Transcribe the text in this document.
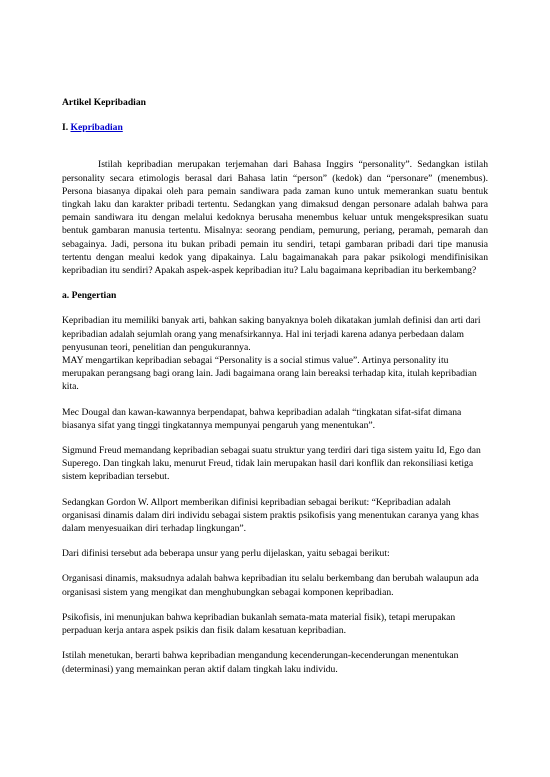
Artikel Kepribadian

I. Kepribadian

Istilah kepribadian merupakan terjemahan dari Bahasa Inggirs “personality”. Sedangkan istilah personality secara etimologis berasal dari Bahasa latin “person” (kedok) dan “personare” (menembus). Persona biasanya dipakai oleh para pemain sandiwara pada zaman kuno untuk memerankan suatu bentuk tingkah laku dan karakter pribadi tertentu. Sedangkan yang dimaksud dengan personare adalah bahwa para pemain sandiwara itu dengan melalui kedoknya berusaha menembus keluar untuk mengekspresikan suatu bentuk gambaran manusia tertentu. Misalnya: seorang pendiam, pemurung, periang, peramah, pemarah dan sebagainya. Jadi, persona itu bukan pribadi pemain itu sendiri, tetapi gambaran pribadi dari tipe manusia tertentu dengan mealui kedok yang dipakainya. Lalu bagaimanakah para pakar psikologi mendifinisikan kepribadian itu sendiri? Apakah aspek-aspek kepribadian itu? Lalu bagaimana kepribadian itu berkembang?

a. Pengertian

Kepribadian itu memiliki banyak arti, bahkan saking banyaknya boleh dikatakan jumlah definisi dan arti dari kepribadian adalah sejumlah orang yang menafsirkannya. Hal ini terjadi karena adanya perbedaan dalam penyusunan teori, penelitian dan pengukurannya.

MAY mengartikan kepribadian sebagai “Personality is a social stimus value”. Artinya personality itu merupakan perangsang bagi orang lain. Jadi bagaimana orang lain bereaksi terhadap kita, itulah kepribadian kita.

Mec Dougal dan kawan-kawannya berpendapat, bahwa kepribadian adalah “tingkatan sifat-sifat dimana biasanya sifat yang tinggi tingkatannya mempunyai pengaruh yang menentukan”.

Sigmund Freud memandang kepribadian sebagai suatu struktur yang terdiri dari tiga sistem yaitu Id, Ego dan Superego. Dan tingkah laku, menurut Freud, tidak lain merupakan hasil dari konflik dan rekonsiliasi ketiga sistem kepribadian tersebut.

Sedangkan Gordon W. Allport memberikan difinisi kepribadian sebagai berikut: “Kepribadian adalah organisasi dinamis dalam diri individu sebagai sistem praktis psikofisis yang menentukan caranya yang khas dalam menyesuaikan diri terhadap lingkungan”.

Dari difinisi tersebut ada beberapa unsur yang perlu dijelaskan, yaitu sebagai berikut:

Organisasi dinamis, maksudnya adalah bahwa kepribadian itu selalu berkembang dan berubah walaupun ada organisasi sistem yang mengikat dan menghubungkan sebagai komponen kepribadian.

Psikofisis, ini menunjukan bahwa kepribadian bukanlah semata-mata material fisik), tetapi merupakan perpaduan kerja antara aspek psikis dan fisik dalam kesatuan kepribadian.

Istilah menetukan, berarti bahwa kepribadian mengandung kecenderungan-kecenderungan menentukan (determinasi) yang memainkan peran aktif dalam tingkah laku individu.
